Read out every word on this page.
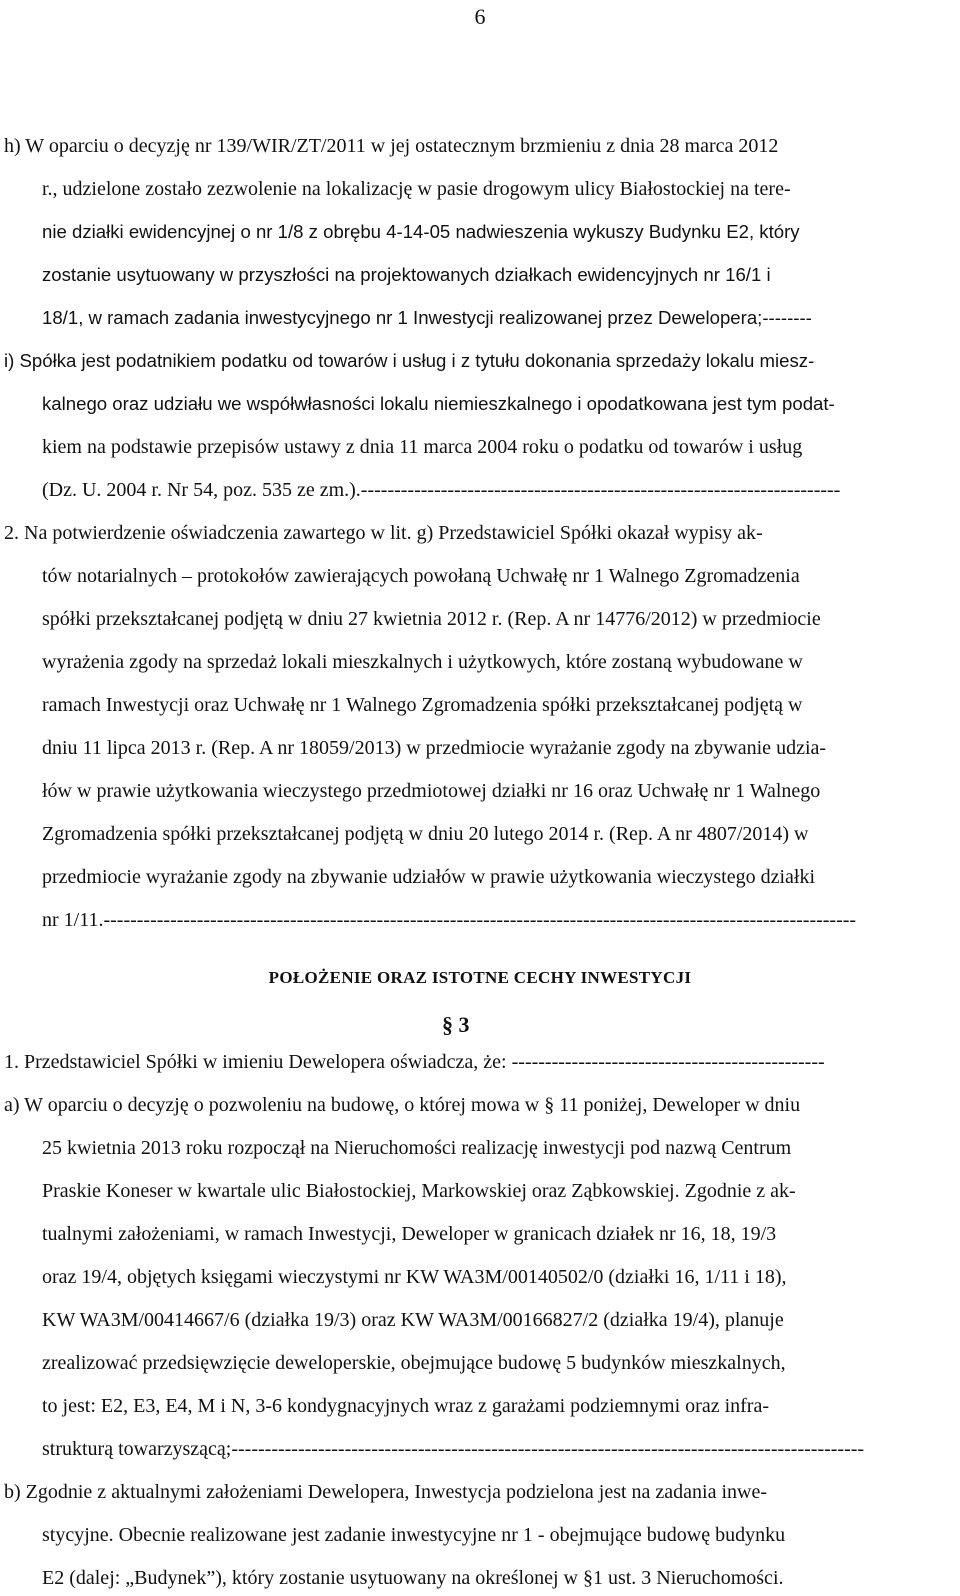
6
h) W oparciu o decyzję nr 139/WIR/ZT/2011 w jej ostatecznym brzmieniu z dnia 28 marca 2012
r., udzielone zostało zezwolenie na lokalizację w pasie drogowym ulicy Białostockiej na tere-
nie działki ewidencyjnej o nr 1/8 z obrębu 4-14-05 nadwieszenia wykuszy Budynku E2, który
zostanie usytuowany w przyszłości na projektowanych działkach ewidencyjnych nr 16/1 i
18/1, w ramach zadania inwestycyjnego nr 1 Inwestycji realizowanej przez Dewelopera;--------
i) Spółka jest podatnikiem podatku od towarów i usług i z tytułu dokonania sprzedaży lokalu miesz-
kalnego oraz udziału we współwłasności lokalu niemieszkalnego i opodatkowana jest tym podat-
kiem na podstawie przepisów ustawy z dnia 11 marca 2004 roku o podatku od towarów i usług
(Dz. U. 2004 r. Nr 54, poz. 535 ze zm.).------------------------------------------------------------------------
2. Na potwierdzenie oświadczenia zawartego w lit. g) Przedstawiciel Spółki okazał wypisy ak-
tów notarialnych – protokołów zawierających powołaną Uchwałę nr 1 Walnego Zgromadzenia
spółki przekształcanej podjętą w dniu 27 kwietnia 2012 r. (Rep. A nr 14776/2012) w przedmiocie
wyrażenia zgody na sprzedaż lokali mieszkalnych i użytkowych, które zostaną wybudowane w
ramach Inwestycji oraz Uchwałę nr 1 Walnego Zgromadzenia spółki przekształcanej podjętą w
dniu 11 lipca 2013 r. (Rep. A nr 18059/2013) w przedmiocie wyrażanie zgody na zbywanie udzia-
łów w prawie użytkowania wieczystego przedmiotowej działki nr 16 oraz Uchwałę nr 1 Walnego
Zgromadzenia spółki przekształcanej podjętą w dniu 20 lutego 2014 r. (Rep. A nr 4807/2014) w
przedmiocie wyrażanie zgody na zbywanie udziałów w prawie użytkowania wieczystego działki
nr 1/11.-----------------------------------------------------------------------------------------------------------------
1. Przedstawiciel Spółki w imieniu Dewelopera oświadcza, że: -----------------------------------------------
a) W oparciu o decyzję o pozwoleniu na budowę, o której mowa w § 11 poniżej, Deweloper w dniu
25 kwietnia 2013 roku rozpoczął na Nieruchomości realizację inwestycji pod nazwą Centrum
Praskie Koneser w kwartale ulic Białostockiej, Markowskiej oraz Ząbkowskiej. Zgodnie z ak-
tualnymi założeniami, w ramach Inwestycji, Deweloper w granicach działek nr 16, 18, 19/3
oraz 19/4, objętych księgami wieczystymi nr KW WA3M/00140502/0 (działki 16, 1/11 i 18),
KW WA3M/00414667/6 (działka 19/3) oraz KW WA3M/00166827/2 (działka 19/4), planuje
zrealizować przedsięwzięcie deweloperskie, obejmujące budowę 5 budynków mieszkalnych,
to jest: E2, E3, E4, M i N, 3-6 kondygnacyjnych wraz z garażami podziemnymi oraz infra-
strukturą towarzyszącą;-----------------------------------------------------------------------------------------------
b) Zgodnie z aktualnymi założeniami Dewelopera, Inwestycja podzielona jest na zadania inwe-
stycyjne. Obecnie realizowane jest zadanie inwestycyjne nr 1 - obejmujące budowę budynku
E2 (dalej: „Budynek”), który zostanie usytuowany na określonej w §1 ust. 3 Nieruchomości.
POŁOŻENIE ORAZ ISTOTNE CECHY INWESTYCJI
§ 3
